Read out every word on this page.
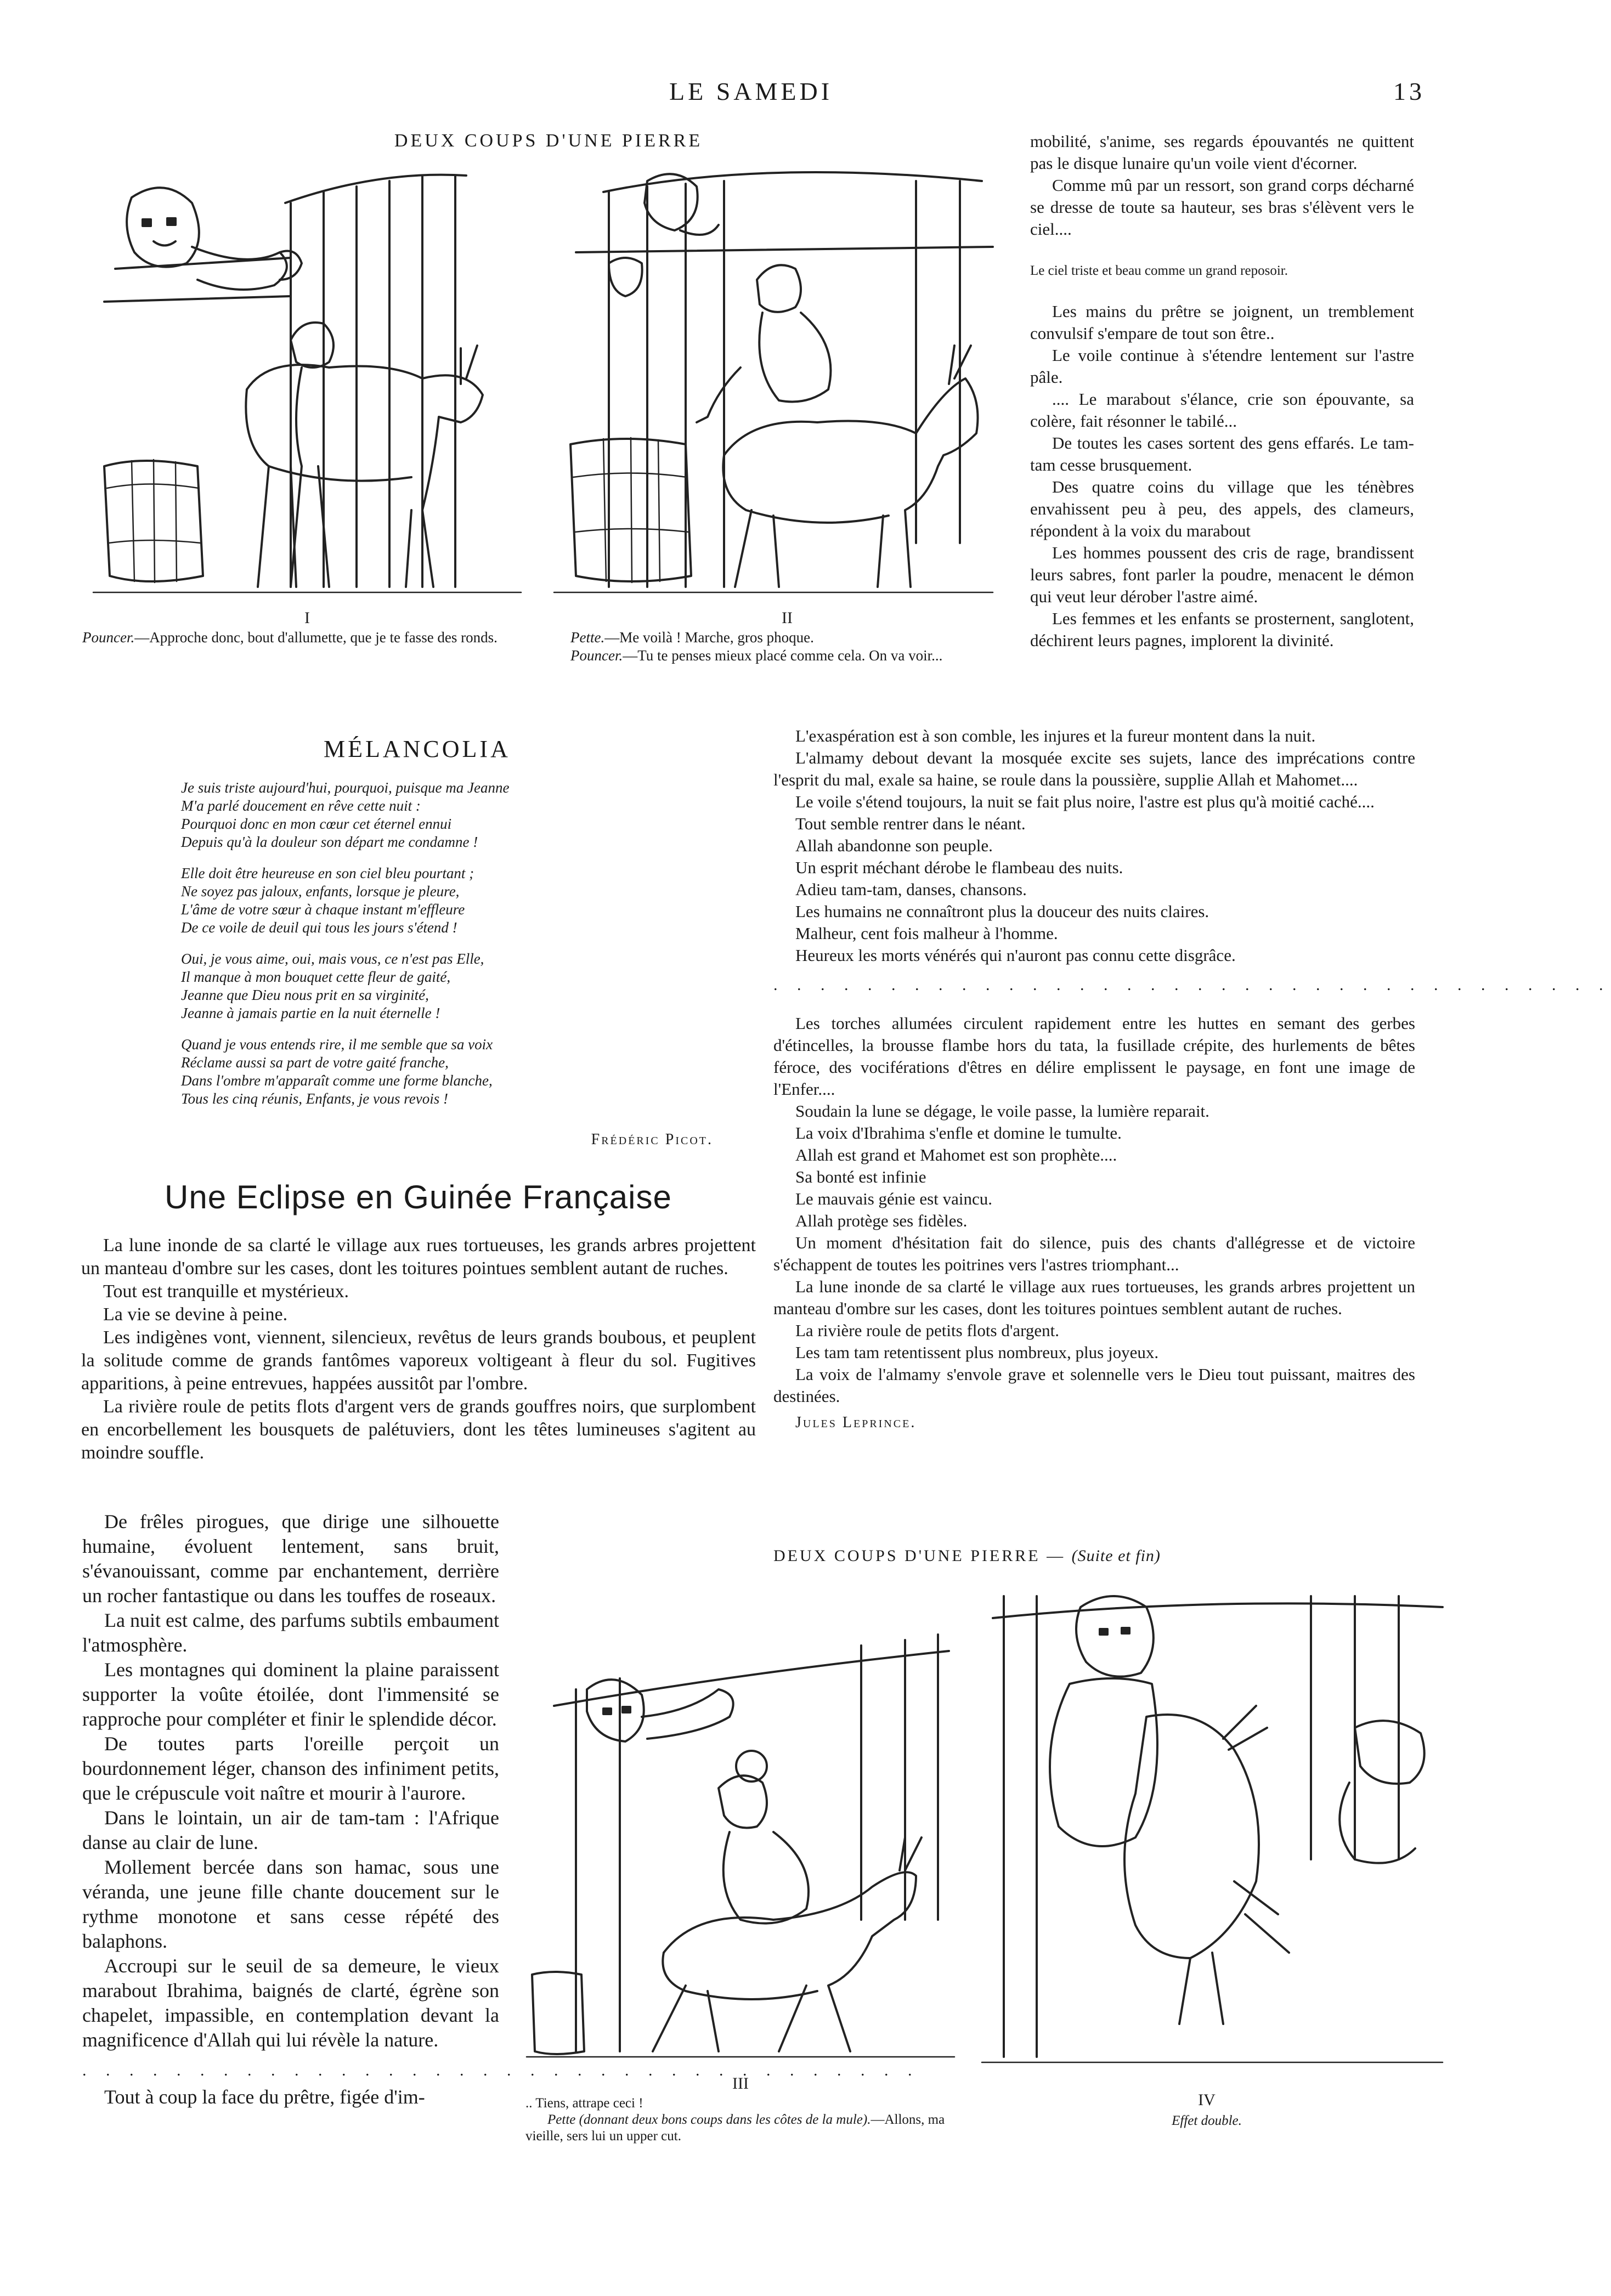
LE SAMEDI	13
DEUX COUPS D'UNE PIERRE
I
Pouncer.—Approche donc, bout d'allumette, que je te fasse des ronds.
II
Pette.—Me voilà ! Marche, gros phoque.
Pouncer.—Tu te penses mieux placé comme cela. On va voir...
MÉLANCOLIA
Je suis triste aujourd'hui, pourquoi, puisque ma Jeanne
M'a parlé doucement en rêve cette nuit :
Pourquoi donc en mon cœur cet éternel ennui
Depuis qu'à la douleur son départ me condamne !
Elle doit être heureuse en son ciel bleu pourtant ;
Ne soyez pas jaloux, enfants, lorsque je pleure,
L'âme de votre sœur à chaque instant m'effleure
De ce voile de deuil qui tous les jours s'étend !
Oui, je vous aime, oui, mais vous, ce n'est pas Elle,
Il manque à mon bouquet cette fleur de gaité,
Jeanne que Dieu nous prit en sa virginité,
Jeanne à jamais partie en la nuit éternelle !
Quand je vous entends rire, il me semble que sa voix
Réclame aussi sa part de votre gaité franche,
Dans l'ombre m'apparaît comme une forme blanche,
Tous les cinq réunis, Enfants, je vous revois !
Frédéric Picot.
Une Eclipse en Guinée Française

La lune inonde de sa clarté le village aux rues tortueuses, les grands arbres projettent un manteau d'ombre sur les cases, dont les toitures pointues semblent autant de ruches.

Tout est tranquille et mystérieux.

La vie se devine à peine.

Les indigènes vont, viennent, silencieux, revêtus de leurs grands boubous, et peuplent la solitude comme de grands fantômes vaporeux voltigeant à fleur du sol. Fugitives apparitions, à peine entrevues, happées aussitôt par l'ombre.

La rivière roule de petits flots d'argent vers de grands gouffres noirs, que surplombent en encorbellement les bousquets de palétuviers, dont les têtes lumineuses s'agitent au moindre souffle.

De frêles pirogues, que dirige une silhouette humaine, évoluent lentement, sans bruit, s'évanouissant, comme par enchantement, derrière un rocher fantastique ou dans les touffes de roseaux.

La nuit est calme, des parfums subtils embaument l'atmosphère.

Les montagnes qui dominent la plaine paraissent supporter la voûte étoilée, dont l'immensité se rapproche pour compléter et finir le splendide décor.

De toutes parts l'oreille perçoit un bourdonnement léger, chanson des infiniment petits, que le crépuscule voit naître et mourir à l'aurore.

Dans le lointain, un air de tam-tam : l'Afrique danse au clair de lune.

Mollement bercée dans son hamac, sous une véranda, une jeune fille chante doucement sur le rythme monotone et sans cesse répété des balaphons.

Accroupi sur le seuil de sa demeure, le vieux marabout Ibrahima, baignés de clarté, égrène son chapelet, impassible, en contemplation devant la magnificence d'Allah qui lui révèle la nature.

. . . . . . . . . . . . . . . . . . . . . . . . . . . . . . . . . . . .

Tout à coup la face du prêtre, figée d'im-

mobilité, s'anime, ses regards épouvantés ne quittent pas le disque lunaire qu'un voile vient d'écorner.

Comme mû par un ressort, son grand corps décharné se dresse de toute sa hauteur, ses bras s'élèvent vers le ciel....

Le ciel triste et beau comme un grand reposoir.

Les mains du prêtre se joignent, un tremblement convulsif s'empare de tout son être..

Le voile continue à s'étendre lentement sur l'astre pâle.

.... Le marabout s'élance, crie son épouvante, sa colère, fait résonner le tabilé...

De toutes les cases sortent des gens effarés. Le tam-tam cesse brusquement.

Des quatre coins du village que les ténèbres envahissent peu à peu, des appels, des clameurs, répondent à la voix du marabout

Les hommes poussent des cris de rage, brandissent leurs sabres, font parler la poudre, menacent le démon qui veut leur dérober l'astre aimé.

Les femmes et les enfants se prosternent, sanglotent, déchirent leurs pagnes, implorent la divinité.

L'exaspération est à son comble, les injures et la fureur montent dans la nuit.

L'almamy debout devant la mosquée excite ses sujets, lance des imprécations contre l'esprit du mal, exale sa haine, se roule dans la poussière, supplie Allah et Mahomet....

Le voile s'étend toujours, la nuit se fait plus noire, l'astre est plus qu'à moitié caché....

Tout semble rentrer dans le néant.

Allah abandonne son peuple.

Un esprit méchant dérobe le flambeau des nuits.

Adieu tam-tam, danses, chansons.

Les humains ne connaîtront plus la douceur des nuits claires.

Malheur, cent fois malheur à l'homme.

Heureux les morts vénérés qui n'auront pas connu cette disgrâce.

. . . . . . . . . . . . . . . . . . . . . . . . . . . . . . . . . . . .

Les torches allumées circulent rapidement entre les huttes en semant des gerbes d'étincelles, la brousse flambe hors du tata, la fusillade crépite, des hurlements de bêtes féroce, des vociférations d'êtres en délire emplissent le paysage, en font une image de l'Enfer....

Soudain la lune se dégage, le voile passe, la lumière reparait.

La voix d'Ibrahima s'enfle et domine le tumulte.

Allah est grand et Mahomet est son prophète....

Sa bonté est infinie

Le mauvais génie est vaincu.

Allah protège ses fidèles.

Un moment d'hésitation fait do silence, puis des chants d'allégresse et de victoire s'échappent de toutes les poitrines vers l'astres triomphant...

La lune inonde de sa clarté le village aux rues tortueuses, les grands arbres projettent un manteau d'ombre sur les cases, dont les toitures pointues semblent autant de ruches.

La rivière roule de petits flots d'argent.

Les tam tam retentissent plus nombreux, plus joyeux.

La voix de l'almamy s'envole grave et solennelle vers le Dieu tout puissant, maitres des destinées.

Jules Leprince.

DEUX COUPS D'UNE PIERRE — (Suite et fin)
III
.. Tiens, attrape ceci !
Pette (donnant deux bons coups dans les côtes de la mule).—Allons, ma vieille, sers lui un upper cut.
IV
Effet double.
